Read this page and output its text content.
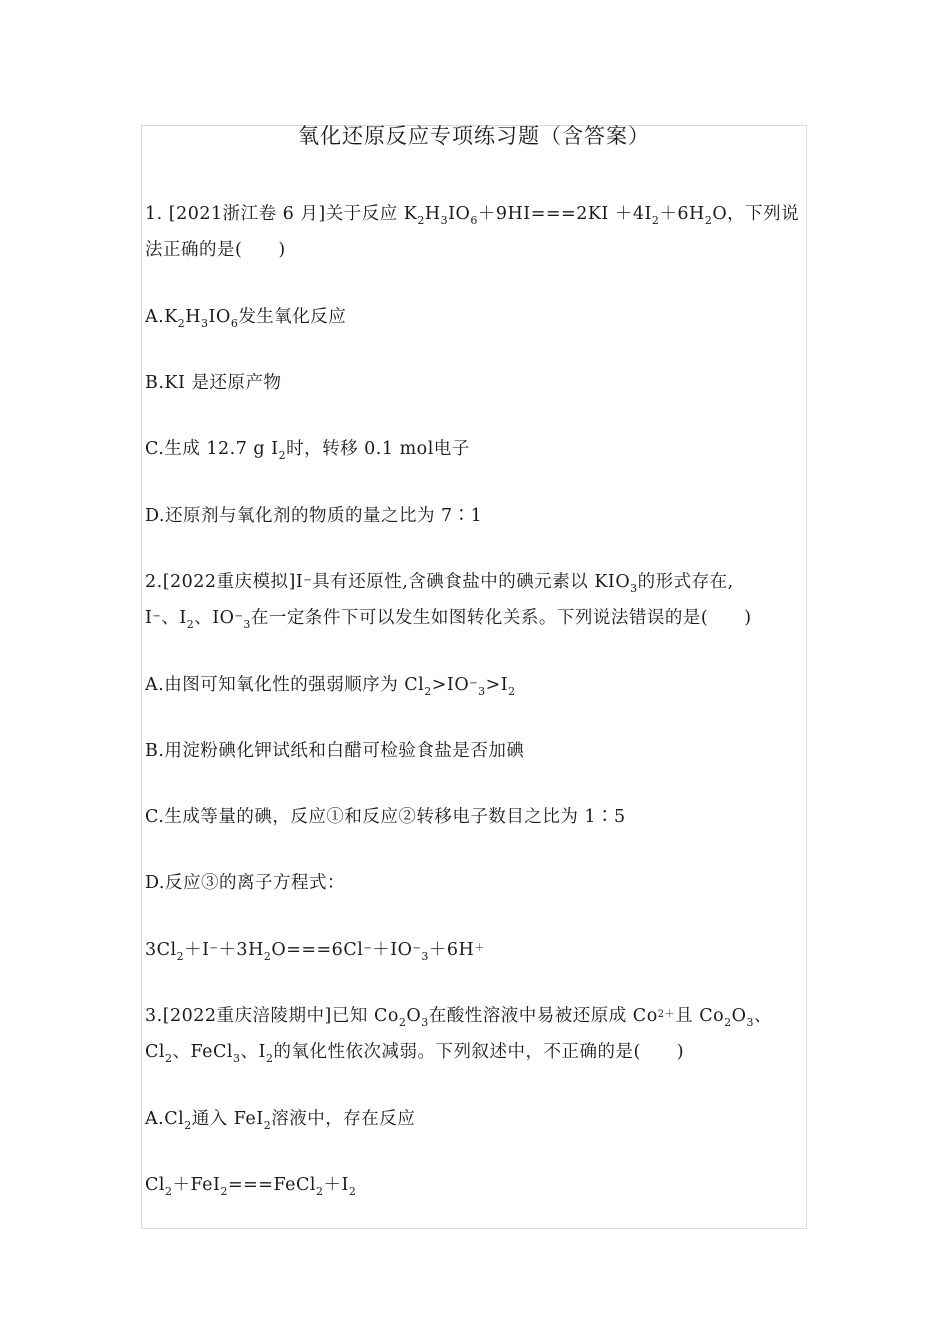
氧化还原反应专项练习题（含答案）
1. [2021浙江卷 6 月]关于反应 $K_2H_3IO_6+9HI===2KI +4I_2+6H_2O$，下列说
法正确的是(　　)
$A.K_2H_3IO_6$发生氧化反应
B.KI 是还原产物
C.生成 12.7 g $I_2$时，转移 0.1 mol电子
D.还原剂与氧化剂的物质的量之比为 7∶1
2.[2022重庆模拟]I−具有还原性,含碘食盐中的碘元素以 $KIO_3$的形式存在,
I−、$I_2$、$IO^-_3$在一定条件下可以发生如图转化关系。下列说法错误的是(　　)
A.由图可知氧化性的强弱顺序为 $Cl_2>IO^-_3>I_2$
B.用淀粉碘化钾试纸和白醋可检验食盐是否加碘
C.生成等量的碘，反应①和反应②转移电子数目之比为 1∶5
D.反应③的离子方程式：
$3Cl_2+I^-+3H_2O===6Cl^-+IO^-_3+6H^+$
3.[2022重庆涪陵期中]已知 $Co_2O_3$在酸性溶液中易被还原成 $Co^{2+}$且 $Co_2O_3$、
$Cl_2$、FeCl$_3$、$I_2$的氧化性依次减弱。下列叙述中，不正确的是(　　)
$A.Cl_2$通入 FeI$_2$溶液中，存在反应
$Cl_2+FeI_2===FeCl_2+I_2$
